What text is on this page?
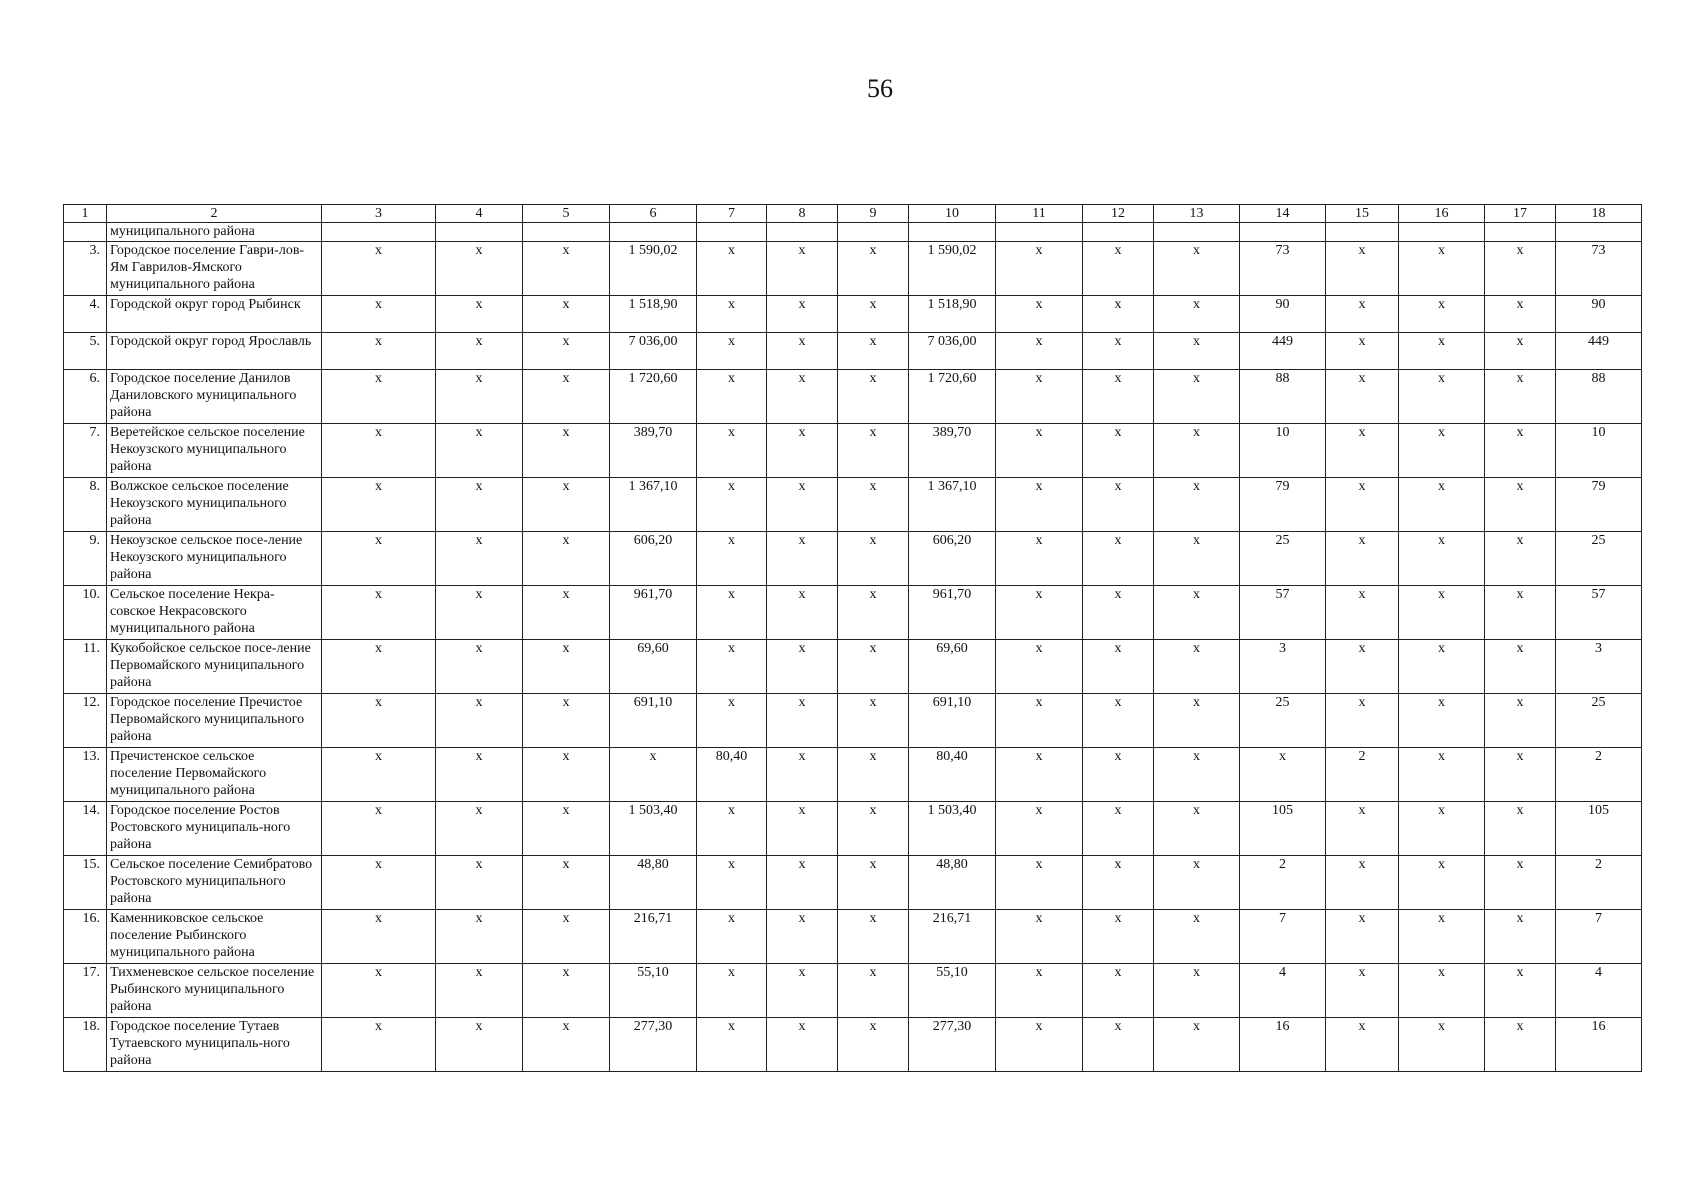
56
1	2	3	4	5	6	7	8	9	10	11	12	13	14	15	16	17	18
	муниципального района																
3.	Городское поселение Гаври-лов-Ям Гаврилов-Ямского муниципального района	х	х	х	1 590,02	х	х	х	1 590,02	х	х	х	73	х	х	х	73
4.	Городской округ город Рыбинск	х	х	х	1 518,90	х	х	х	1 518,90	х	х	х	90	х	х	х	90
5.	Городской округ город Ярославль	х	х	х	7 036,00	х	х	х	7 036,00	х	х	х	449	х	х	х	449
6.	Городское поселение Данилов Даниловского муниципального района	х	х	х	1 720,60	х	х	х	1 720,60	х	х	х	88	х	х	х	88
7.	Веретейское сельское поселение Некоузского муниципального района	х	х	х	389,70	х	х	х	389,70	х	х	х	10	х	х	х	10
8.	Волжское сельское поселение Некоузского муниципального района	х	х	х	1 367,10	х	х	х	1 367,10	х	х	х	79	х	х	х	79
9.	Некоузское сельское посе-ление Некоузского муниципального района	х	х	х	606,20	х	х	х	606,20	х	х	х	25	х	х	х	25
10.	Сельское поселение Некра-совское Некрасовского муниципального района	х	х	х	961,70	х	х	х	961,70	х	х	х	57	х	х	х	57
11.	Кукобойское сельское посе-ление Первомайского муниципального района	х	х	х	69,60	х	х	х	69,60	х	х	х	3	х	х	х	3
12.	Городское поселение Пречистое Первомайского муниципального района	х	х	х	691,10	х	х	х	691,10	х	х	х	25	х	х	х	25
13.	Пречистенское сельское поселение Первомайского муниципального района	х	х	х	х	80,40	х	х	80,40	х	х	х	х	2	х	х	2
14.	Городское поселение Ростов Ростовского муниципаль-ного района	х	х	х	1 503,40	х	х	х	1 503,40	х	х	х	105	х	х	х	105
15.	Сельское поселение Семибратово Ростовского муниципального района	х	х	х	48,80	х	х	х	48,80	х	х	х	2	х	х	х	2
16.	Каменниковское сельское поселение Рыбинского муниципального района	х	х	х	216,71	х	х	х	216,71	х	х	х	7	х	х	х	7
17.	Тихменевское сельское поселение Рыбинского муниципального района	х	х	х	55,10	х	х	х	55,10	х	х	х	4	х	х	х	4
18.	Городское поселение Тутаев Тутаевского муниципаль-ного района	х	х	х	277,30	х	х	х	277,30	х	х	х	16	х	х	х	16
